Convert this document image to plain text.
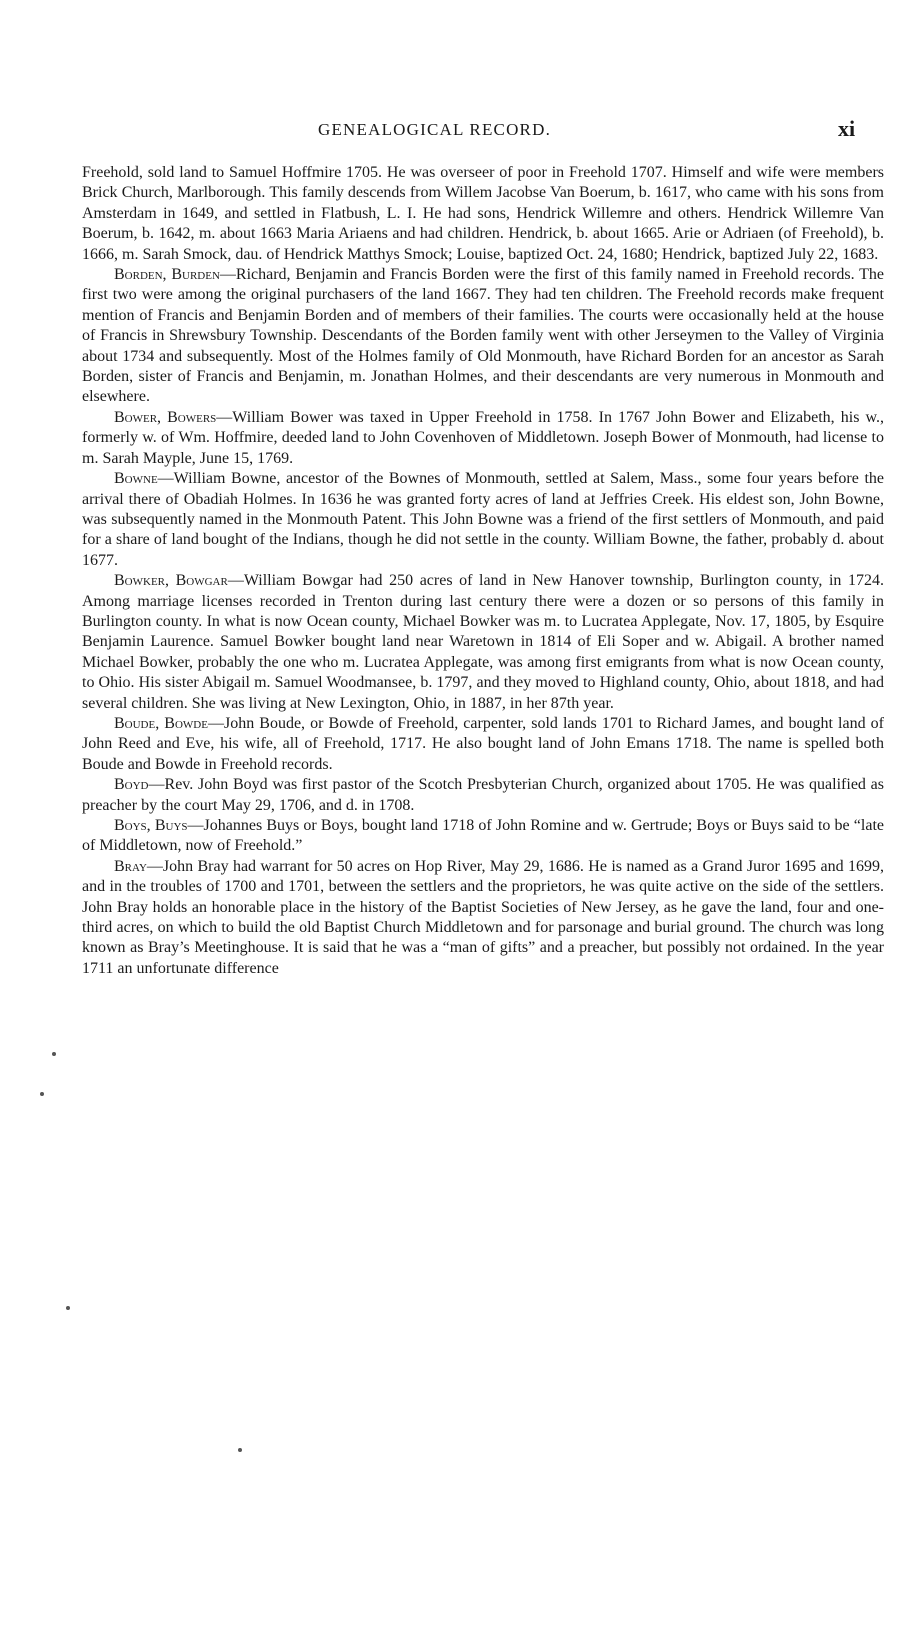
GENEALOGICAL RECORD.	xi

Freehold, sold land to Samuel Hoffmire 1705. He was overseer of poor in Freehold 1707. Himself and wife were members Brick Church, Marlborough. This family descends from Willem Jacobse Van Boerum, b. 1617, who came with his sons from Amsterdam in 1649, and settled in Flatbush, L. I. He had sons, Hendrick Willemre and others. Hendrick Willemre Van Boerum, b. 1642, m. about 1663 Maria Ariaens and had children. Hendrick, b. about 1665. Arie or Adriaen (of Freehold), b. 1666, m. Sarah Smock, dau. of Hendrick Matthys Smock; Louise, baptized Oct. 24, 1680; Hendrick, baptized July 22, 1683.

Borden, Burden—Richard, Benjamin and Francis Borden were the first of this family named in Freehold records. The first two were among the original purchasers of the land 1667. They had ten children. The Freehold records make frequent mention of Francis and Benjamin Borden and of members of their families. The courts were occasionally held at the house of Francis in Shrewsbury Township. Descendants of the Borden family went with other Jerseymen to the Valley of Virginia about 1734 and subsequently. Most of the Holmes family of Old Monmouth, have Richard Borden for an ancestor as Sarah Borden, sister of Francis and Benjamin, m. Jonathan Holmes, and their descendants are very numerous in Monmouth and elsewhere.

Bower, Bowers—William Bower was taxed in Upper Freehold in 1758. In 1767 John Bower and Elizabeth, his w., formerly w. of Wm. Hoffmire, deeded land to John Covenhoven of Middletown. Joseph Bower of Monmouth, had license to m. Sarah Mayple, June 15, 1769.

Bowne—William Bowne, ancestor of the Bownes of Monmouth, settled at Salem, Mass., some four years before the arrival there of Obadiah Holmes. In 1636 he was granted forty acres of land at Jeffries Creek. His eldest son, John Bowne, was subsequently named in the Monmouth Patent. This John Bowne was a friend of the first settlers of Monmouth, and paid for a share of land bought of the Indians, though he did not settle in the county. William Bowne, the father, probably d. about 1677.

Bowker, Bowgar—William Bowgar had 250 acres of land in New Hanover township, Burlington county, in 1724. Among marriage licenses recorded in Trenton during last century there were a dozen or so persons of this family in Burlington county. In what is now Ocean county, Michael Bowker was m. to Lucratea Applegate, Nov. 17, 1805, by Esquire Benjamin Laurence. Samuel Bowker bought land near Waretown in 1814 of Eli Soper and w. Abigail. A brother named Michael Bowker, probably the one who m. Lucratea Applegate, was among first emigrants from what is now Ocean county, to Ohio. His sister Abigail m. Samuel Woodmansee, b. 1797, and they moved to Highland county, Ohio, about 1818, and had several children. She was living at New Lexington, Ohio, in 1887, in her 87th year.

Boude, Bowde—John Boude, or Bowde of Freehold, carpenter, sold lands 1701 to Richard James, and bought land of John Reed and Eve, his wife, all of Freehold, 1717. He also bought land of John Emans 1718. The name is spelled both Boude and Bowde in Freehold records.

Boyd—Rev. John Boyd was first pastor of the Scotch Presbyterian Church, organized about 1705. He was qualified as preacher by the court May 29, 1706, and d. in 1708.

Boys, Buys—Johannes Buys or Boys, bought land 1718 of John Romine and w. Gertrude; Boys or Buys said to be “late of Middletown, now of Freehold.”

Bray—John Bray had warrant for 50 acres on Hop River, May 29, 1686. He is named as a Grand Juror 1695 and 1699, and in the troubles of 1700 and 1701, between the settlers and the proprietors, he was quite active on the side of the settlers. John Bray holds an honorable place in the history of the Baptist Societies of New Jersey, as he gave the land, four and one-third acres, on which to build the old Baptist Church Middletown and for parsonage and burial ground. The church was long known as Bray’s Meetinghouse. It is said that he was a “man of gifts” and a preacher, but possibly not ordained. In the year 1711 an unfortunate difference
